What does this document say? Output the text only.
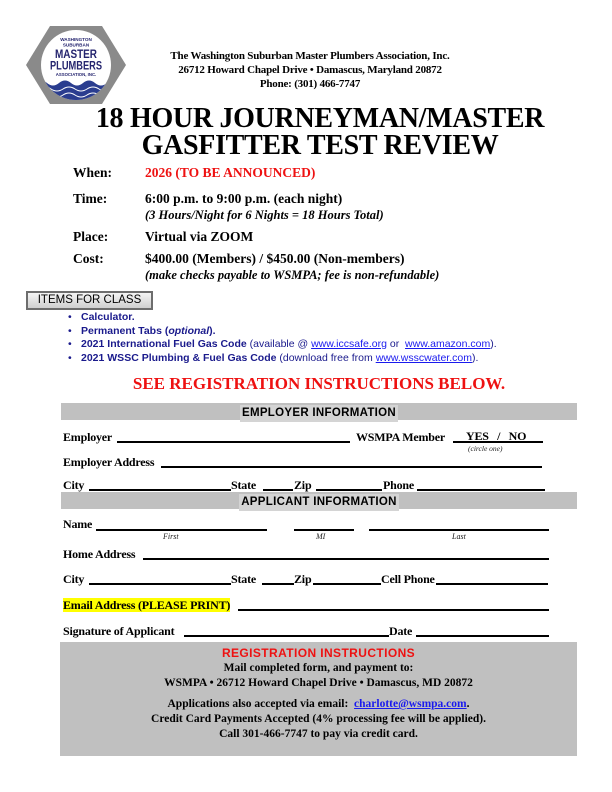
WASHINGTON
SUBURBAN
MASTER
PLUMBERS
ASSOCIATION, INC.
The Washington Suburban Master Plumbers Association, Inc.
26712 Howard Chapel Drive • Damascus, Maryland 20872
Phone: (301) 466-7747
18 HOUR JOURNEYMAN/MASTER
GASFITTER TEST REVIEW
When:	2026 (TO BE ANNOUNCED)
Time:	6:00 p.m. to 9:00 p.m. (each night)
(3 Hours/Night for 6 Nights = 18 Hours Total)
Place:	Virtual via ZOOM
Cost:	$400.00 (Members) / $450.00 (Non-members)
(make checks payable to WSMPA; fee is non-refundable)
ITEMS FOR CLASS
• Calculator.
• Permanent Tabs (optional).
• 2021 International Fuel Gas Code (available @ www.iccsafe.org or  www.amazon.com).
• 2021 WSSC Plumbing & Fuel Gas Code (download free from www.wsscwater.com).
SEE REGISTRATION INSTRUCTIONS BELOW.
EMPLOYER INFORMATION
Employer	WSMPA Member YES   /   NO
(circle one)
Employer Address
City	State	Zip	Phone
APPLICANT INFORMATION
Name
First	MI	Last
Home Address
City	State	Zip	Cell Phone
Email Address (PLEASE PRINT)
Signature of Applicant	Date
REGISTRATION INSTRUCTIONS
Mail completed form, and payment to:
WSMPA • 26712 Howard Chapel Drive • Damascus, MD 20872
Applications also accepted via email:  charlotte@wsmpa.com.
Credit Card Payments Accepted (4% processing fee will be applied).
Call 301-466-7747 to pay via credit card.
